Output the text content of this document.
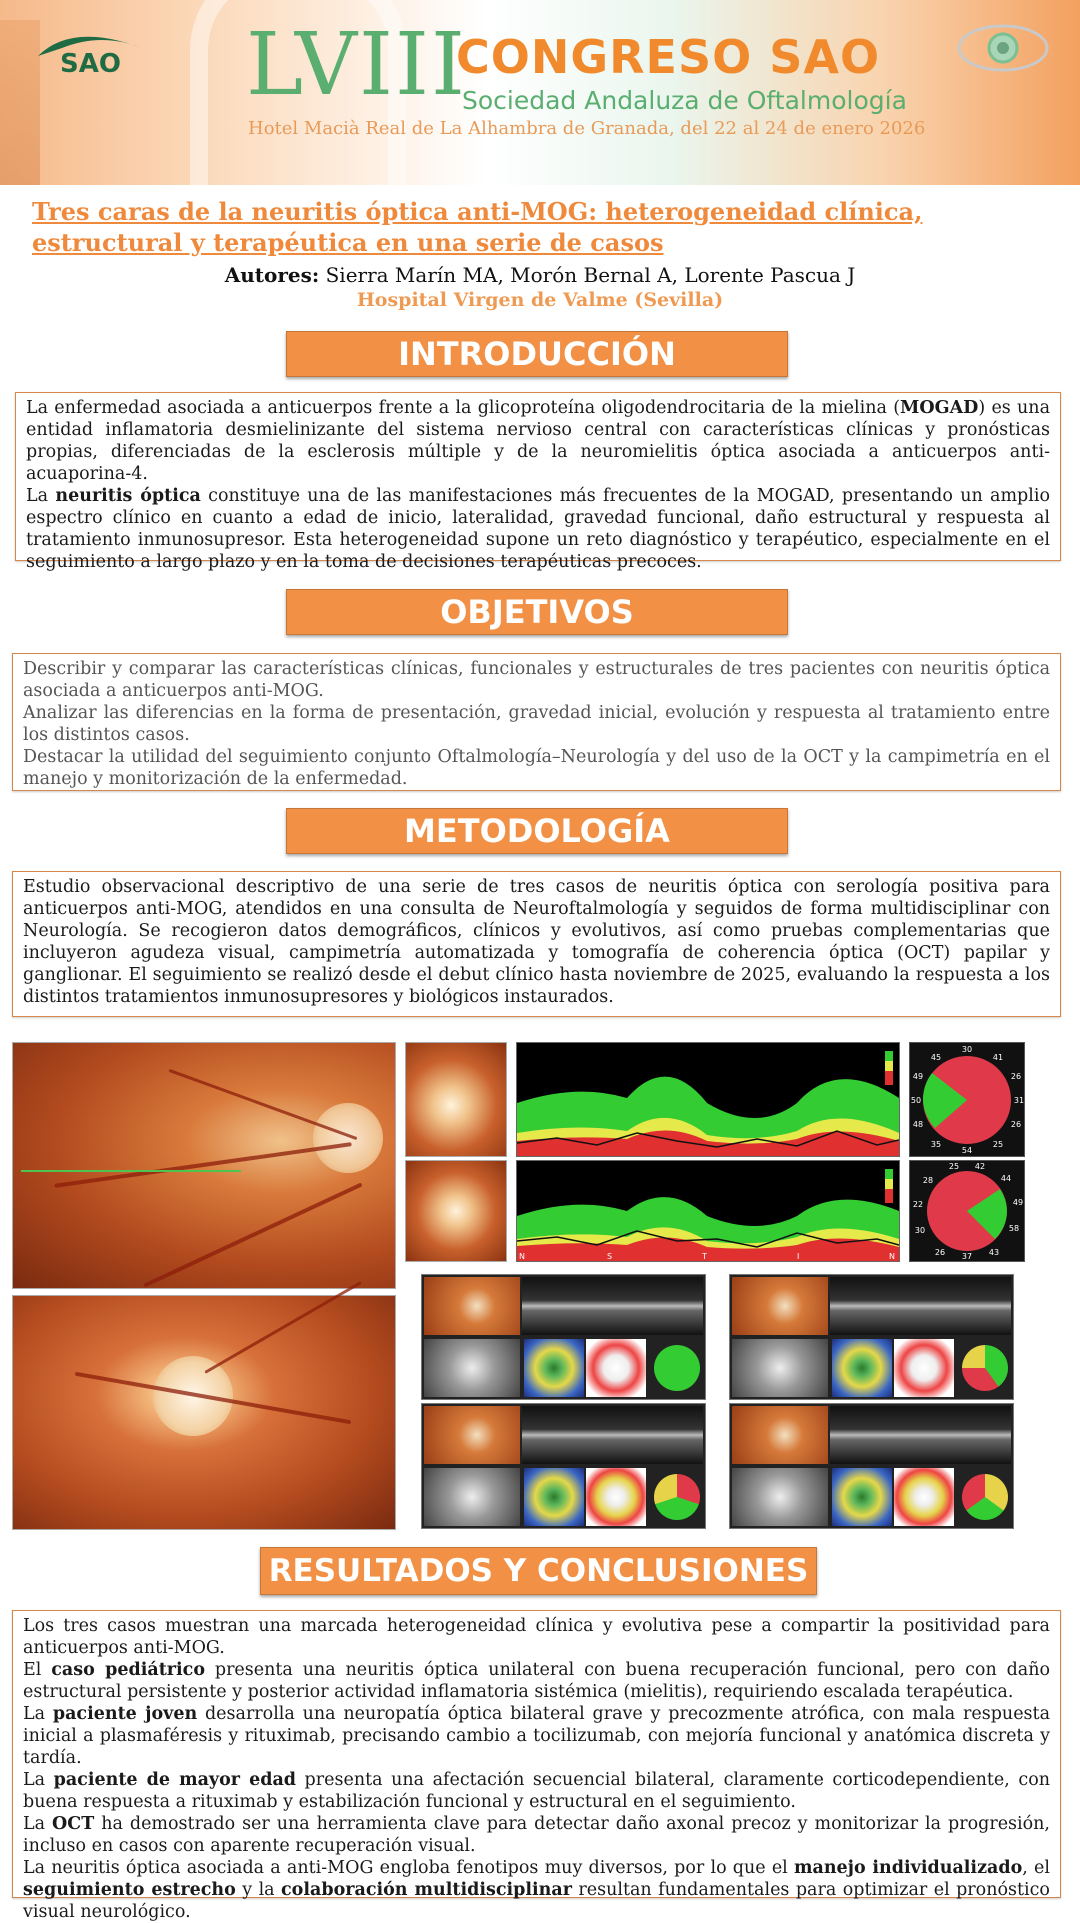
SAO LVIII
CONGRESO SAO
Sociedad Andaluza de Oftalmología
Hotel Macià Real de La Alhambra de Granada, del 22 al 24 de enero 2026
Tres caras de la neuritis óptica anti-MOG: heterogeneidad clínica, estructural y terapéutica en una serie de casos
Autores: Sierra Marín MA, Morón Bernal A, Lorente Pascua J
Hospital Virgen de Valme (Sevilla)
INTRODUCCIÓN

La enfermedad asociada a anticuerpos frente a la glicoproteína oligodendrocitaria de la mielina (MOGAD) es una entidad inflamatoria desmielinizante del sistema nervioso central con características clínicas y pronósticas propias, diferenciadas de la esclerosis múltiple y de la neuromielitis óptica asociada a anticuerpos anti-acuaporina-4.

La neuritis óptica constituye una de las manifestaciones más frecuentes de la MOGAD, presentando un amplio espectro clínico en cuanto a edad de inicio, lateralidad, gravedad funcional, daño estructural y respuesta al tratamiento inmunosupresor. Esta heterogeneidad supone un reto diagnóstico y terapéutico, especialmente en el seguimiento a largo plazo y en la toma de decisiones terapéuticas precoces.

OBJETIVOS

Describir y comparar las características clínicas, funcionales y estructurales de tres pacientes con neuritis óptica asociada a anticuerpos anti-MOG.

Analizar las diferencias en la forma de presentación, gravedad inicial, evolución y respuesta al tratamiento entre los distintos casos.

Destacar la utilidad del seguimiento conjunto Oftalmología–Neurología y del uso de la OCT y la campimetría en el manejo y monitorización de la enfermedad.

METODOLOGÍA

Estudio observacional descriptivo de una serie de tres casos de neuritis óptica con serología positiva para anticuerpos anti-MOG, atendidos en una consulta de Neuroftalmología y seguidos de forma multidisciplinar con Neurología. Se recogieron datos demográficos, clínicos y evolutivos, así como pruebas complementarias que incluyeron agudeza visual, campimetría automatizada y tomografía de coherencia óptica (OCT) papilar y ganglionar. El seguimiento se realizó desde el debut clínico hasta noviembre de 2025, evaluando la respuesta a los distintos tratamientos inmunosupresores y biológicos instaurados.

N	S	T	I	N
30
41
26
31
26
25
54
35
48
50
49
45
42
44
49
58
43
37
26
30
22
28
25
RESULTADOS Y CONCLUSIONES

Los tres casos muestran una marcada heterogeneidad clínica y evolutiva pese a compartir la positividad para anticuerpos anti-MOG.

El caso pediátrico presenta una neuritis óptica unilateral con buena recuperación funcional, pero con daño estructural persistente y posterior actividad inflamatoria sistémica (mielitis), requiriendo escalada terapéutica.

La paciente joven desarrolla una neuropatía óptica bilateral grave y precozmente atrófica, con mala respuesta inicial a plasmaféresis y rituximab, precisando cambio a tocilizumab, con mejoría funcional y anatómica discreta y tardía.

La paciente de mayor edad presenta una afectación secuencial bilateral, claramente corticodependiente, con buena respuesta a rituximab y estabilización funcional y estructural en el seguimiento.

La OCT ha demostrado ser una herramienta clave para detectar daño axonal precoz y monitorizar la progresión, incluso en casos con aparente recuperación visual.

La neuritis óptica asociada a anti-MOG engloba fenotipos muy diversos, por lo que el manejo individualizado, el seguimiento estrecho y la colaboración multidisciplinar resultan fundamentales para optimizar el pronóstico visual neurológico.
